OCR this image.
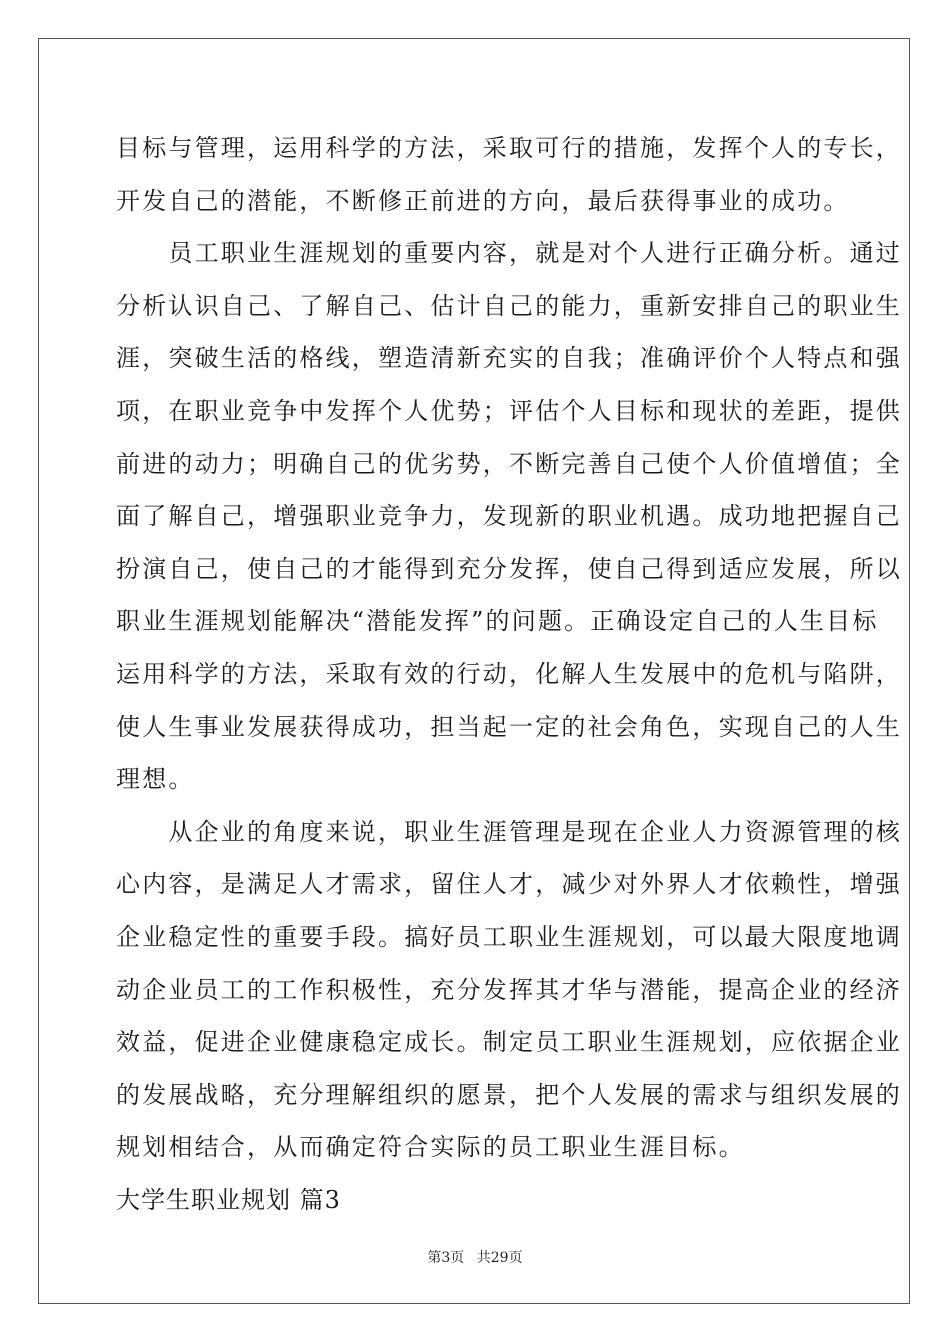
目标与管理，运用科学的方法，采取可行的措施，发挥个人的专长，
开发自己的潜能，不断修正前进的方向，最后获得事业的成功。
　　员工职业生涯规划的重要内容，就是对个人进行正确分析。通过
分析认识自己、了解自己、估计自己的能力，重新安排自己的职业生
涯，突破生活的格线，塑造清新充实的自我；准确评价个人特点和强
项，在职业竞争中发挥个人优势；评估个人目标和现状的差距，提供
前进的动力；明确自己的优劣势，不断完善自己使个人价值增值；全
面了解自己，增强职业竞争力，发现新的职业机遇。成功地把握自己
扮演自己，使自己的才能得到充分发挥，使自己得到适应发展，所以
职业生涯规划能解决“潜能发挥”的问题。正确设定自己的人生目标
运用科学的方法，采取有效的行动，化解人生发展中的危机与陷阱，
使人生事业发展获得成功，担当起一定的社会角色，实现自己的人生
理想。
　　从企业的角度来说，职业生涯管理是现在企业人力资源管理的核
心内容，是满足人才需求，留住人才，减少对外界人才依赖性，增强
企业稳定性的重要手段。搞好员工职业生涯规划，可以最大限度地调
动企业员工的工作积极性，充分发挥其才华与潜能，提高企业的经济
效益，促进企业健康稳定成长。制定员工职业生涯规划，应依据企业
的发展战略，充分理解组织的愿景，把个人发展的需求与组织发展的
规划相结合，从而确定符合实际的员工职业生涯目标。
大学生职业规划 篇3
第3页 共29页
